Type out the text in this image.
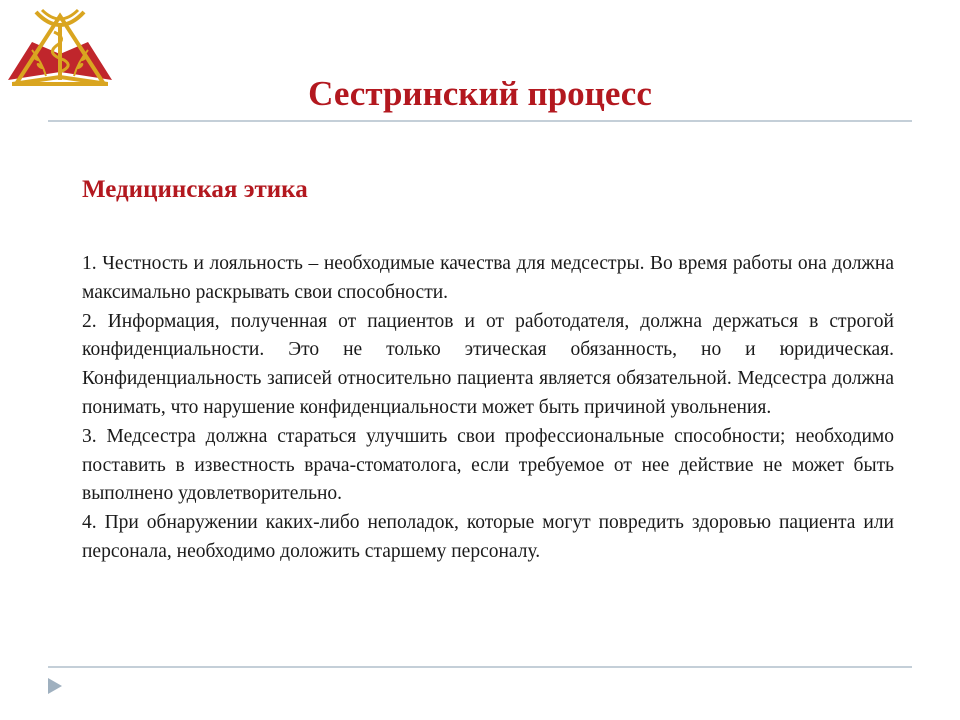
Сестринский процесс
Медицинская этика

1. Честность и лояльность – необходимые качества для медсестры. Во время работы она должна максимально раскрывать свои способности.

2. Информация, полученная от пациентов и от работодателя, должна держаться в строгой конфиденциальности. Это не только этическая обязанность, но и юридическая. Конфиденциальность записей относительно пациента является обязательной. Медсестра должна понимать, что нарушение конфиденциальности может быть причиной увольнения.

3. Медсестра должна стараться улучшить свои профессиональные способности; необходимо поставить в известность врача-стоматолога, если требуемое от нее действие не может быть выполнено удовлетворительно.

4. При обнаружении каких-либо неполадок, которые могут повредить здоровью пациента или персонала, необходимо доложить старшему персоналу.
